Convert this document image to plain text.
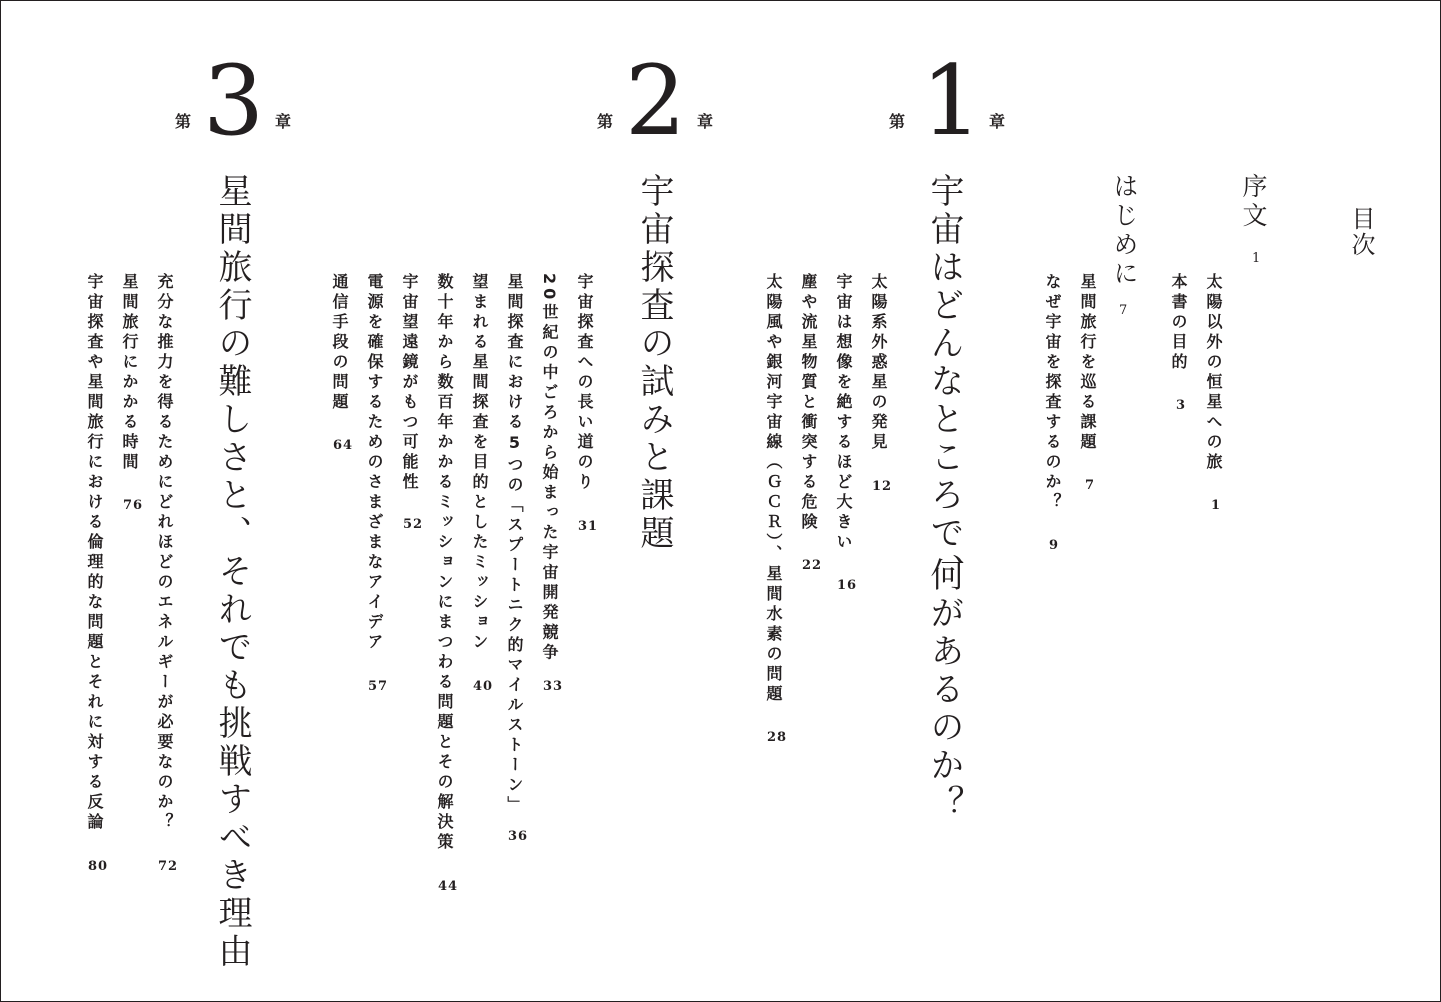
目次
序文
1
太陽以外の恒星への旅
1
本書の目的
3
はじめに
7
星間旅行を巡る課題
7
なぜ宇宙を探査するのか？
9
第 1 章
宇宙はどんなところで、
何があるのか？
太陽系外惑星の発見
12
宇宙は想像を絶するほど大きい
16
塵や流星物質と衝突する危険
22
太陽風や銀河宇宙線（ＧＣＲ）、星間水素の問題
28
第 2 章
宇宙探査の試みと課題
宇宙探査への長い道のり
31
20世紀の中ごろから始まった宇宙開発競争
33
星間探査における5つの「スプートニク的マイルストーン」
36
望まれる星間探査を目的としたミッション
40
数十年から数百年かかるミッションにまつわる問題とその解決策
44
宇宙望遠鏡がもつ可能性
52
電源を確保するためのさまざまなアイデア
57
通信手段の問題
64
第 3 章
星間旅行の難しさと、それでも挑戦すべき理由
充分な推力を得るためにどれほどのエネルギーが必要なのか？
72
星間旅行にかかる時間
76
宇宙探査や星間旅行における倫理的な問題とそれに対する反論
80
